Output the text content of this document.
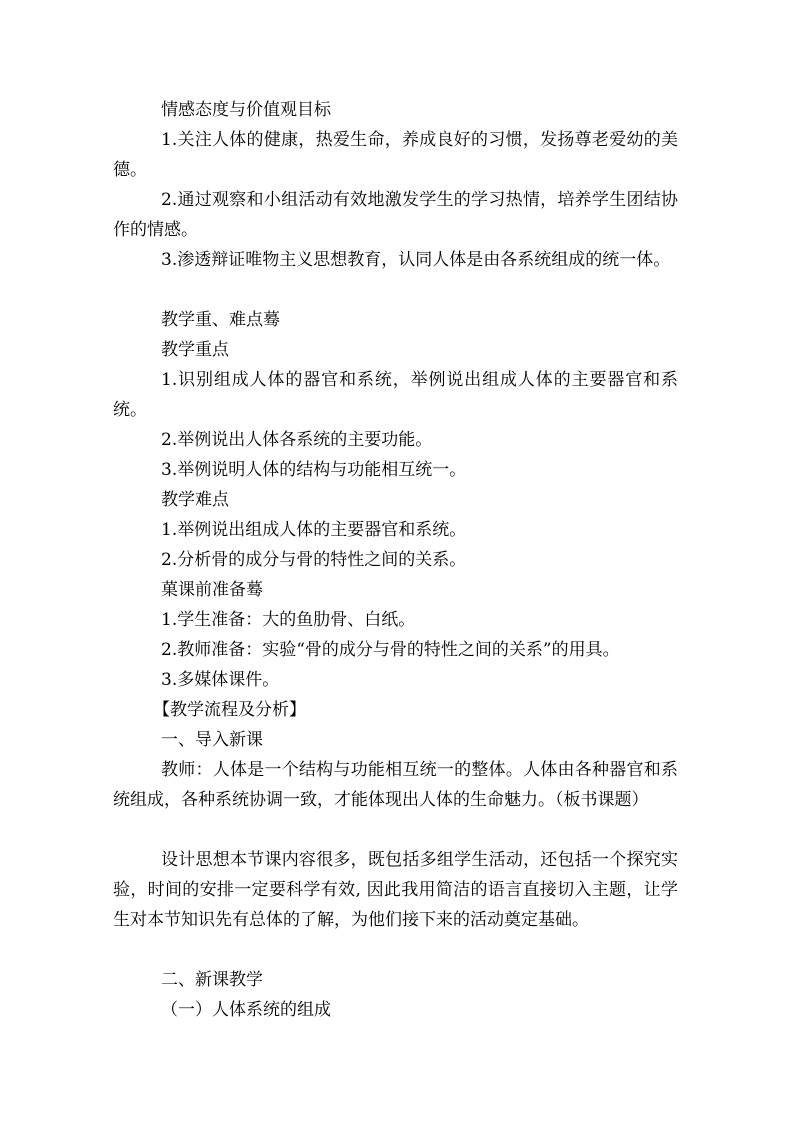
情感态度与价值观目标
1.关注人体的健康，热爱生命，养成良好的习惯，发扬尊老爱幼的美德。
2.通过观察和小组活动有效地激发学生的学习热情，培养学生团结协作的情感。
3.渗透辩证唯物主义思想教育，认同人体是由各系统组成的统一体。
教学重、难点蓦
教学重点
1.识别组成人体的器官和系统，举例说出组成人体的主要器官和系统。
2.举例说出人体各系统的主要功能。
3.举例说明人体的结构与功能相互统一。
教学难点
1.举例说出组成人体的主要器官和系统。
2.分析骨的成分与骨的特性之间的关系。
菓课前准备蓦
1.学生准备：大的鱼肋骨、白纸。
2.教师准备：实验“骨的成分与骨的特性之间的关系”的用具。
3.多媒体课件。
【教学流程及分析】
一、导入新课
教师：人体是一个结构与功能相互统一的整体。人体由各种器官和系统组成，各种系统协调一致，才能体现出人体的生命魅力。（板书课题）
设计思想本节课内容很多，既包括多组学生活动，还包括一个探究实验，时间的安排一定要科学有效, 因此我用简洁的语言直接切入主题，让学生对本节知识先有总体的了解，为他们接下来的活动奠定基础。
二、新课教学
（一）人体系统的组成
